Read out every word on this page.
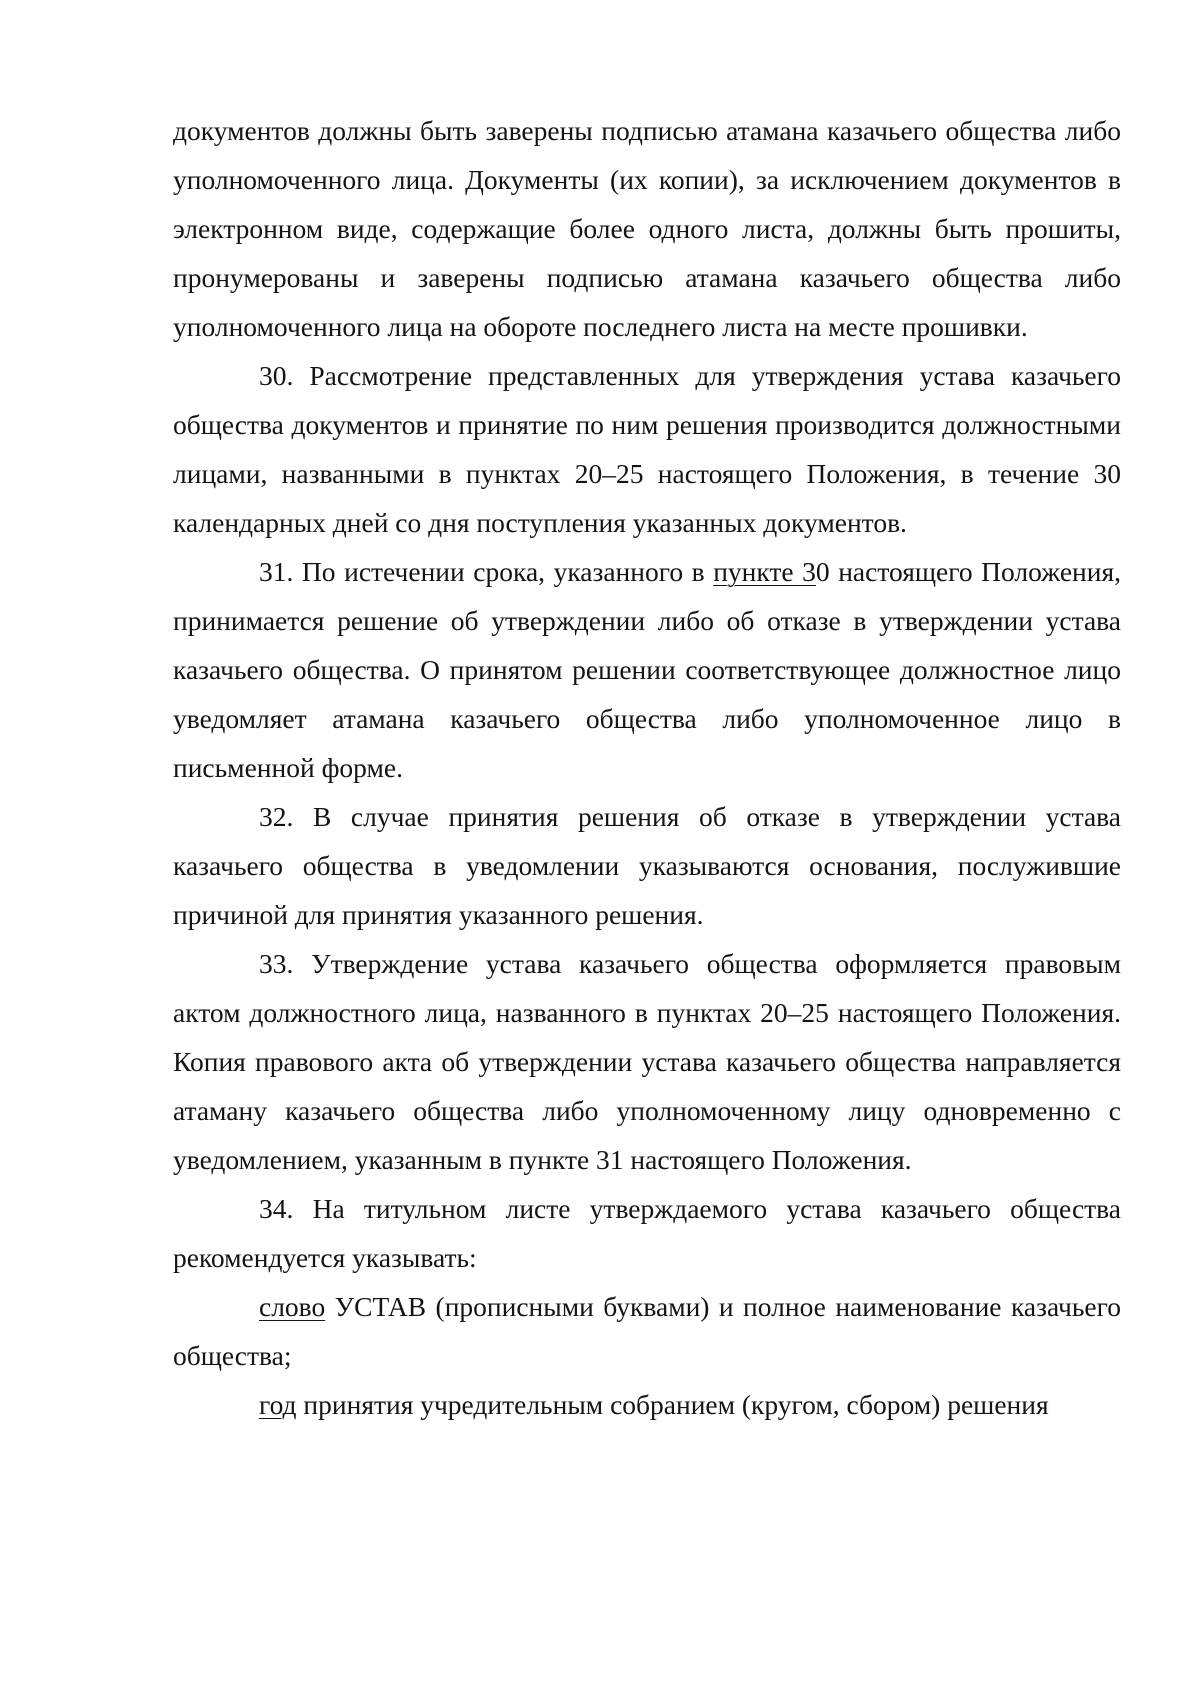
документов должны быть заверены подписью атамана казачьего общества либо уполномоченного лица. Документы (их копии), за исключением документов в электронном виде, содержащие более одного листа, должны быть прошиты, пронумерованы и заверены подписью атамана казачьего общества либо уполномоченного лица на обороте последнего листа на месте прошивки.

30. Рассмотрение представленных для утверждения устава казачьего общества документов и принятие по ним решения производится должностными лицами, названными в пунктах 20–25 настоящего Положения, в течение 30 календарных дней со дня поступления указанных документов.

31. По истечении срока, указанного в пункте 30 настоящего Положения, принимается решение об утверждении либо об отказе в утверждении устава казачьего общества. О принятом решении соответствующее должностное лицо уведомляет атамана казачьего общества либо уполномоченное лицо в письменной форме.

32. В случае принятия решения об отказе в утверждении устава казачьего общества в уведомлении указываются основания, послужившие причиной для принятия указанного решения.

33. Утверждение устава казачьего общества оформляется правовым актом должностного лица, названного в пунктах 20–25 настоящего Положения. Копия правового акта об утверждении устава казачьего общества направляется атаману казачьего общества либо уполномоченному лицу одновременно с уведомлением, указанным в пункте 31 настоящего Положения.

34. На титульном листе утверждаемого устава казачьего общества рекомендуется указывать:

слово УСТАВ (прописными буквами) и полное наименование казачьего общества;

год принятия учредительным собранием (кругом, сбором) решения
